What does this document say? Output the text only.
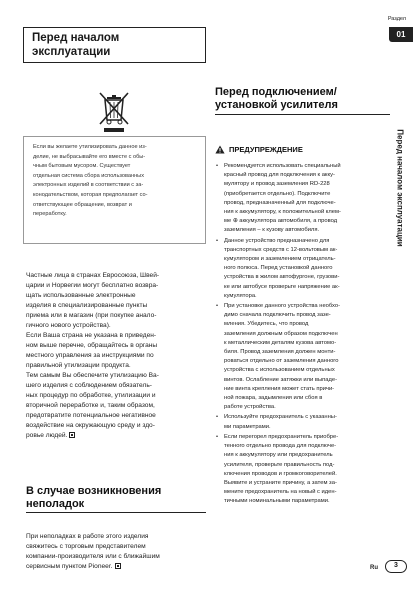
Перед началом
эксплуатации
Раздел
01
Перед началом эксплуатации
Если вы желаете утилизировать данное из-
делие, не выбрасывайте его вместе с обы-
чным бытовым мусором. Существует
отдельная система сбора использованных
электронных изделий в соответствии с за-
конодательством, которая предполагает со-
ответствующее обращение, возврат и
переработку.
Частные лица в странах Евросоюза, Швей-
царии и Норвегии могут бесплатно возвра-
щать использованные электронные
изделия в специализированные пункты
приема или в магазин (при покупке анало-
гичного нового устройства).
Если Ваша страна не указана в приведен-
ном выше перечне, обращайтесь в органы
местного управления за инструкциями по
правильной утилизации продукта.
Тем самым Вы обеспечите утилизацию Ва-
шего изделия с соблюдением обязатель-
ных процедур по обработке, утилизации и
вторичной переработке и, таким образом,
предотвратите потенциальное негативное
воздействие на окружающую среду и здо-
ровье людей.
В случае возникновения
неполадок
При неполадках в работе этого изделия
свяжитесь с торговым представителем
компании-производителя или с ближайшим
сервисным пунктом Pioneer.
Перед подключением/
установкой усилителя
ПРЕДУПРЕЖДЕНИЕ
• Рекомендуется использовать специальный
красный провод для подключения к акку-
мулятору и провод заземления RD-228
(приобретается отдельно). Подключите
провод, предназначенный для подключе-
ния к аккумулятору, к положительной клем-
ме ⊕ аккумулятора автомобиля, а провод
заземления – к кузову автомобиля.
• Данное устройство предназначено для
транспортных средств с 12-вольтовым ак-
кумулятором и заземлением отрицатель-
ного полюса. Перед установкой данного
устройства в жилом автофургоне, грузови-
ке или автобусе проверьте напряжение ак-
кумулятора.
• При установке данного устройства необхо-
димо сначала подключить провод зазе-
мления. Убедитесь, что провод
заземления должным образом подключен
к металлическим деталям кузова автомо-
биля. Провод заземления должен монти-
роваться отдельно от заземления данного
устройства с использованием отдельных
винтов. Ослабление затяжки или выпаде-
ние винта крепления может стать причи-
ной пожара, задымления или сбоя в
работе устройства.
• Используйте предохранитель с указанны-
ми параметрами.
• Если перегорел предохранитель приобре-
тенного отдельно провода для подключе-
ния к аккумулятору или предохранитель
усилителя, проверьте правильность под-
ключения проводов и громкоговорителей.
Выявите и устраните причину, а затем за-
мените предохранитель на новый с иден-
тичными номинальными параметрами.
Ru	3
